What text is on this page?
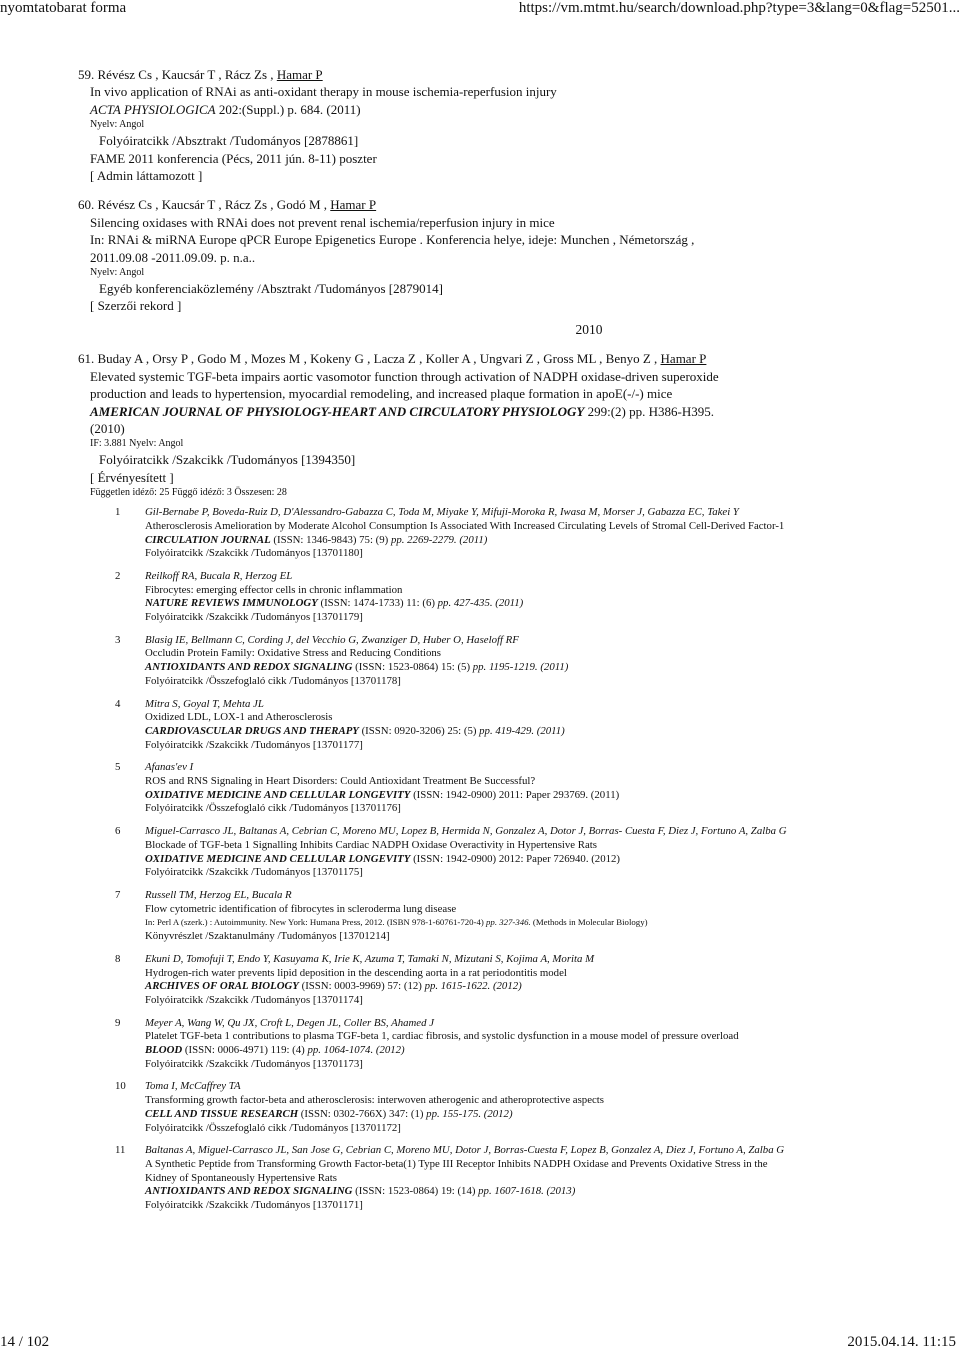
nyomtatobarat forma	https://vm.mtmt.hu/search/download.php?type=3&lang=0&flag=52501...
59. Révész Cs , Kaucsár T , Rácz Zs , Hamar P
In vivo application of RNAi as anti-oxidant therapy in mouse ischemia-reperfusion injury
ACTA PHYSIOLOGICA 202:(Suppl.) p. 684. (2011)
Nyelv: Angol
Folyóiratcikk /Absztrakt /Tudományos [2878861]
FAME 2011 konferencia (Pécs, 2011 jún. 8-11) poszter
[ Admin láttamozott ]
60. Révész Cs , Kaucsár T , Rácz Zs , Godó M , Hamar P
Silencing oxidases with RNAi does not prevent renal ischemia/reperfusion injury in mice
In: RNAi & miRNA Europe qPCR Europe Epigenetics Europe . Konferencia helye, ideje: Munchen , Németország ,
2011.09.08 -2011.09.09. p. n.a..
Nyelv: Angol
Egyéb konferenciaközlemény /Absztrakt /Tudományos [2879014]
[ Szerzői rekord ]
2010
61. Buday A , Orsy P , Godo M , Mozes M , Kokeny G , Lacza Z , Koller A , Ungvari Z , Gross ML , Benyo Z , Hamar P
Elevated systemic TGF-beta impairs aortic vasomotor function through activation of NADPH oxidase-driven superoxide
production and leads to hypertension, myocardial remodeling, and increased plaque formation in apoE(-/-) mice
AMERICAN JOURNAL OF PHYSIOLOGY-HEART AND CIRCULATORY PHYSIOLOGY 299:(2) pp. H386-H395.
(2010)
IF: 3.881 Nyelv: Angol
Folyóiratcikk /Szakcikk /Tudományos [1394350]
[ Érvényesített ]
Független idéző: 25 Függő idéző: 3 Összesen: 28
1 Gil-Bernabe P, Boveda-Ruiz D, D'Alessandro-Gabazza C, Toda M, Miyake Y, Mifuji-Moroka R, Iwasa M, Morser J, Gabazza EC, Takei Y
Atherosclerosis Amelioration by Moderate Alcohol Consumption Is Associated With Increased Circulating Levels of Stromal Cell-Derived Factor-1
CIRCULATION JOURNAL (ISSN: 1346-9843) 75: (9) pp. 2269-2279. (2011)
Folyóiratcikk /Szakcikk /Tudományos [13701180]
2 Reilkoff RA, Bucala R, Herzog EL
Fibrocytes: emerging effector cells in chronic inflammation
NATURE REVIEWS IMMUNOLOGY (ISSN: 1474-1733) 11: (6) pp. 427-435. (2011)
Folyóiratcikk /Szakcikk /Tudományos [13701179]
3 Blasig IE, Bellmann C, Cording J, del Vecchio G, Zwanziger D, Huber O, Haseloff RF
Occludin Protein Family: Oxidative Stress and Reducing Conditions
ANTIOXIDANTS AND REDOX SIGNALING (ISSN: 1523-0864) 15: (5) pp. 1195-1219. (2011)
Folyóiratcikk /Összefoglaló cikk /Tudományos [13701178]
4 Mitra S, Goyal T, Mehta JL
Oxidized LDL, LOX-1 and Atherosclerosis
CARDIOVASCULAR DRUGS AND THERAPY (ISSN: 0920-3206) 25: (5) pp. 419-429. (2011)
Folyóiratcikk /Szakcikk /Tudományos [13701177]
5 Afanas'ev I
ROS and RNS Signaling in Heart Disorders: Could Antioxidant Treatment Be Successful?
OXIDATIVE MEDICINE AND CELLULAR LONGEVITY (ISSN: 1942-0900) 2011: Paper 293769. (2011)
Folyóiratcikk /Összefoglaló cikk /Tudományos [13701176]
6 Miguel-Carrasco JL, Baltanas A, Cebrian C, Moreno MU, Lopez B, Hermida N, Gonzalez A, Dotor J, Borras- Cuesta F, Diez J, Fortuno A, Zalba G
Blockade of TGF-beta 1 Signalling Inhibits Cardiac NADPH Oxidase Overactivity in Hypertensive Rats
OXIDATIVE MEDICINE AND CELLULAR LONGEVITY (ISSN: 1942-0900) 2012: Paper 726940. (2012)
Folyóiratcikk /Szakcikk /Tudományos [13701175]
7 Russell TM, Herzog EL, Bucala R
Flow cytometric identification of fibrocytes in scleroderma lung disease
In: Perl A (szerk.) : Autoimmunity. New York: Humana Press, 2012. (ISBN 978-1-60761-720-4) pp. 327-346. (Methods in Molecular Biology)
Könyvrészlet /Szaktanulmány /Tudományos [13701214]
8 Ekuni D, Tomofuji T, Endo Y, Kasuyama K, Irie K, Azuma T, Tamaki N, Mizutani S, Kojima A, Morita M
Hydrogen-rich water prevents lipid deposition in the descending aorta in a rat periodontitis model
ARCHIVES OF ORAL BIOLOGY (ISSN: 0003-9969) 57: (12) pp. 1615-1622. (2012)
Folyóiratcikk /Szakcikk /Tudományos [13701174]
9 Meyer A, Wang W, Qu JX, Croft L, Degen JL, Coller BS, Ahamed J
Platelet TGF-beta 1 contributions to plasma TGF-beta 1, cardiac fibrosis, and systolic dysfunction in a mouse model of pressure overload
BLOOD (ISSN: 0006-4971) 119: (4) pp. 1064-1074. (2012)
Folyóiratcikk /Szakcikk /Tudományos [13701173]
10 Toma I, McCaffrey TA
Transforming growth factor-beta and atherosclerosis: interwoven atherogenic and atheroprotective aspects
CELL AND TISSUE RESEARCH (ISSN: 0302-766X) 347: (1) pp. 155-175. (2012)
Folyóiratcikk /Összefoglaló cikk /Tudományos [13701172]
11 Baltanas A, Miguel-Carrasco JL, San Jose G, Cebrian C, Moreno MU, Dotor J, Borras-Cuesta F, Lopez B, Gonzalez A, Diez J, Fortuno A, Zalba G
A Synthetic Peptide from Transforming Growth Factor-beta(1) Type III Receptor Inhibits NADPH Oxidase and Prevents Oxidative Stress in the Kidney of Spontaneously Hypertensive Rats
ANTIOXIDANTS AND REDOX SIGNALING (ISSN: 1523-0864) 19: (14) pp. 1607-1618. (2013)
Folyóiratcikk /Szakcikk /Tudományos [13701171]
14 / 102	2015.04.14. 11:15
